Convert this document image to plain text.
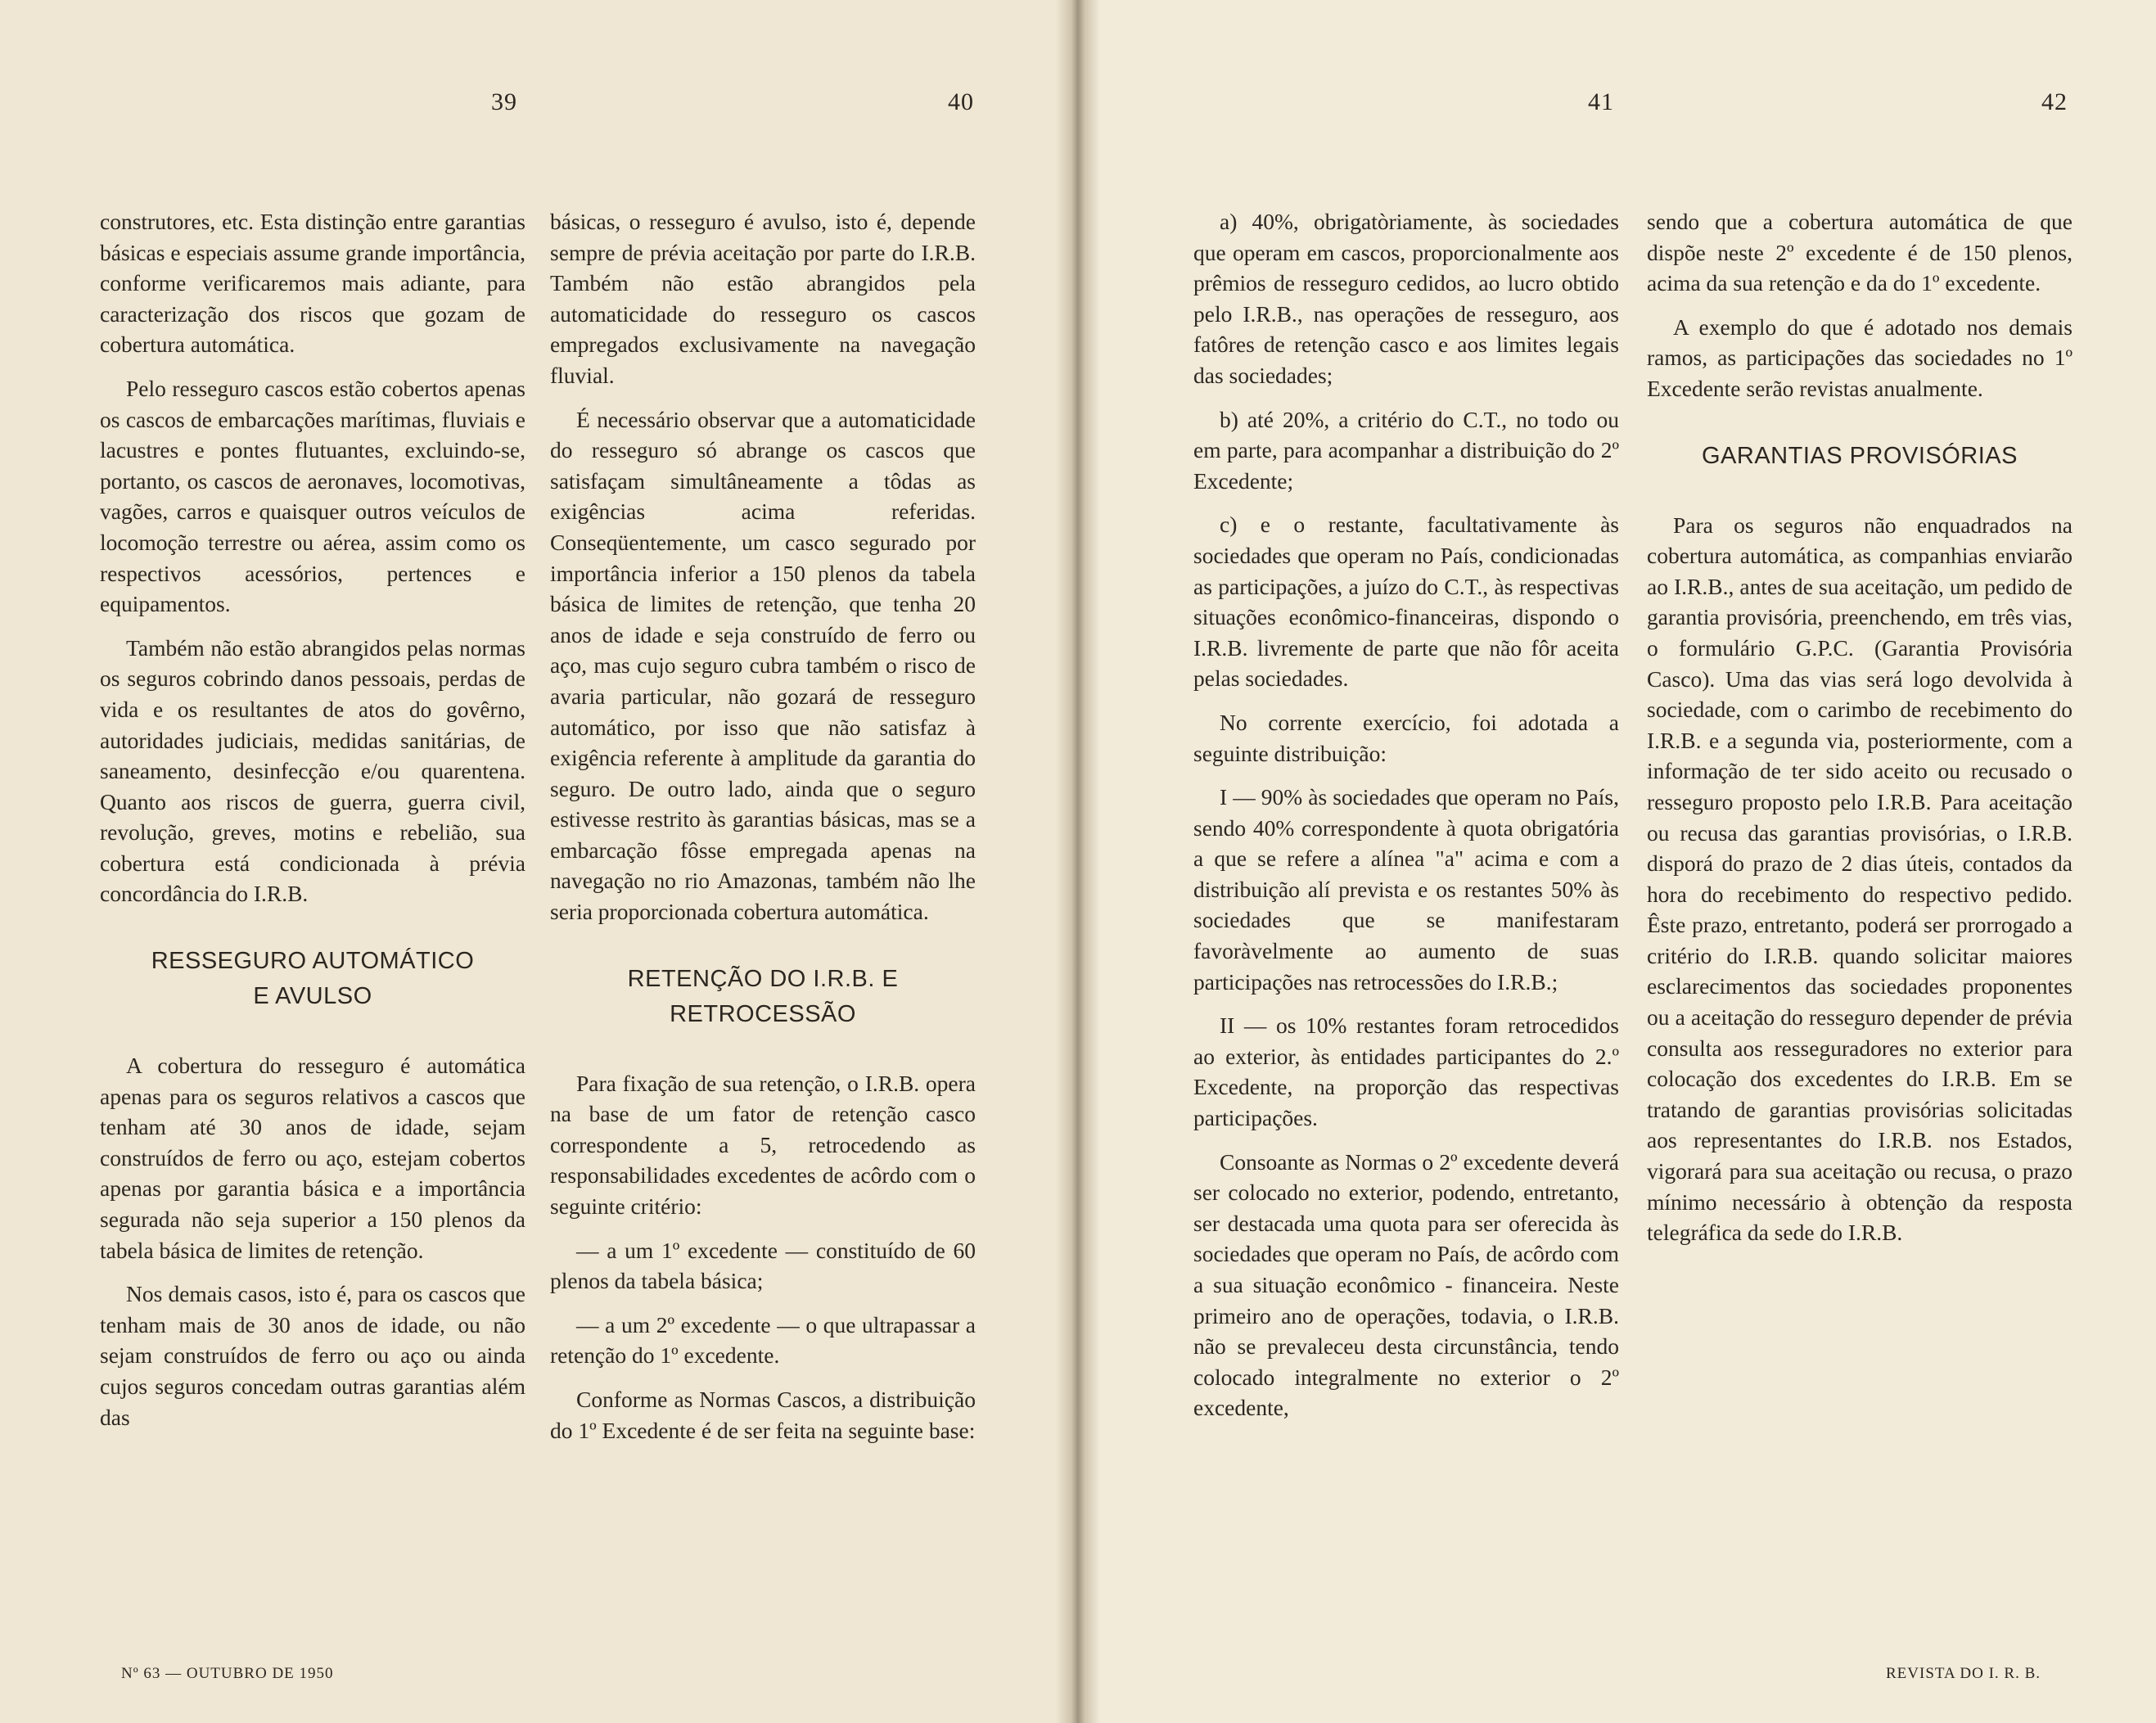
39	40	41	42

construtores, etc. Esta distinção entre garantias básicas e especiais assume grande importância, conforme verificaremos mais adiante, para caracterização dos riscos que gozam de cobertura automática.

Pelo resseguro cascos estão cobertos apenas os cascos de embarcações marítimas, fluviais e lacustres e pontes flutuantes, excluindo-se, portanto, os cascos de aeronaves, locomotivas, vagões, carros e quaisquer outros veículos de locomoção terrestre ou aérea, assim como os respectivos acessórios, pertences e equipamentos.

Também não estão abrangidos pelas normas os seguros cobrindo danos pessoais, perdas de vida e os resultantes de atos do govêrno, autoridades judiciais, medidas sanitárias, de saneamento, desinfecção e/ou quarentena. Quanto aos riscos de guerra, guerra civil, revolução, greves, motins e rebelião, sua cobertura está condicionada à prévia concordância do I.R.B.

RESSEGURO AUTOMÁTICO
E AVULSO

A cobertura do resseguro é automática apenas para os seguros relativos a cascos que tenham até 30 anos de idade, sejam construídos de ferro ou aço, estejam cobertos apenas por garantia básica e a importância segurada não seja superior a 150 plenos da tabela básica de limites de retenção.

Nos demais casos, isto é, para os cascos que tenham mais de 30 anos de idade, ou não sejam construídos de ferro ou aço ou ainda cujos seguros concedam outras garantias além das

básicas, o resseguro é avulso, isto é, depende sempre de prévia aceitação por parte do I.R.B. Também não estão abrangidos pela automaticidade do resseguro os cascos empregados exclusivamente na navegação fluvial.

É necessário observar que a automaticidade do resseguro só abrange os cascos que satisfaçam simultâneamente a tôdas as exigências acima referidas. Conseqüentemente, um casco segurado por importância inferior a 150 plenos da tabela básica de limites de retenção, que tenha 20 anos de idade e seja construído de ferro ou aço, mas cujo seguro cubra também o risco de avaria particular, não gozará de resseguro automático, por isso que não satisfaz à exigência referente à amplitude da garantia do seguro. De outro lado, ainda que o seguro estivesse restrito às garantias básicas, mas se a embarcação fôsse empregada apenas na navegação no rio Amazonas, também não lhe seria proporcionada cobertura automática.

RETENÇÃO DO I.R.B. E
RETROCESSÃO

Para fixação de sua retenção, o I.R.B. opera na base de um fator de retenção casco correspondente a 5, retrocedendo as responsabilidades excedentes de acôrdo com o seguinte critério:

— a um 1º excedente — constituído de 60 plenos da tabela básica;

— a um 2º excedente — o que ultrapassar a retenção do 1º excedente.

Conforme as Normas Cascos, a distribuição do 1º Excedente é de ser feita na seguinte base:

a) 40%, obrigatòriamente, às sociedades que operam em cascos, proporcionalmente aos prêmios de resseguro cedidos, ao lucro obtido pelo I.R.B., nas operações de resseguro, aos fatôres de retenção casco e aos limites legais das sociedades;

b) até 20%, a critério do C.T., no todo ou em parte, para acompanhar a distribuição do 2º Excedente;

c) e o restante, facultativamente às sociedades que operam no País, condicionadas as participações, a juízo do C.T., às respectivas situações econômico-financeiras, dispondo o I.R.B. livremente de parte que não fôr aceita pelas sociedades.

No corrente exercício, foi adotada a seguinte distribuição:

I — 90% às sociedades que operam no País, sendo 40% correspondente à quota obrigatória a que se refere a alínea "a" acima e com a distribuição alí prevista e os restantes 50% às sociedades que se manifestaram favoràvelmente ao aumento de suas participações nas retrocessões do I.R.B.;

II — os 10% restantes foram retrocedidos ao exterior, às entidades participantes do 2.º Excedente, na proporção das respectivas participações.

Consoante as Normas o 2º excedente deverá ser colocado no exterior, podendo, entretanto, ser destacada uma quota para ser oferecida às sociedades que operam no País, de acôrdo com a sua situação econômico - financeira. Neste primeiro ano de operações, todavia, o I.R.B. não se prevaleceu desta circunstância, tendo colocado integralmente no exterior o 2º excedente,

sendo que a cobertura automática de que dispõe neste 2º excedente é de 150 plenos, acima da sua retenção e da do 1º excedente.

A exemplo do que é adotado nos demais ramos, as participações das sociedades no 1º Excedente serão revistas anualmente.

GARANTIAS PROVISÓRIAS

Para os seguros não enquadrados na cobertura automática, as companhias enviarão ao I.R.B., antes de sua aceitação, um pedido de garantia provisória, preenchendo, em três vias, o formulário G.P.C. (Garantia Provisória Casco). Uma das vias será logo devolvida à sociedade, com o carimbo de recebimento do I.R.B. e a segunda via, posteriormente, com a informação de ter sido aceito ou recusado o resseguro proposto pelo I.R.B. Para aceitação ou recusa das garantias provisórias, o I.R.B. disporá do prazo de 2 dias úteis, contados da hora do recebimento do respectivo pedido. Êste prazo, entretanto, poderá ser prorrogado a critério do I.R.B. quando solicitar maiores esclarecimentos das sociedades proponentes ou a aceitação do resseguro depender de prévia consulta aos resseguradores no exterior para colocação dos excedentes do I.R.B. Em se tratando de garantias provisórias solicitadas aos representantes do I.R.B. nos Estados, vigorará para sua aceitação ou recusa, o prazo mínimo necessário à obtenção da resposta telegráfica da sede do I.R.B.

Nº 63 — OUTUBRO DE 1950	REVISTA DO I. R. B.
